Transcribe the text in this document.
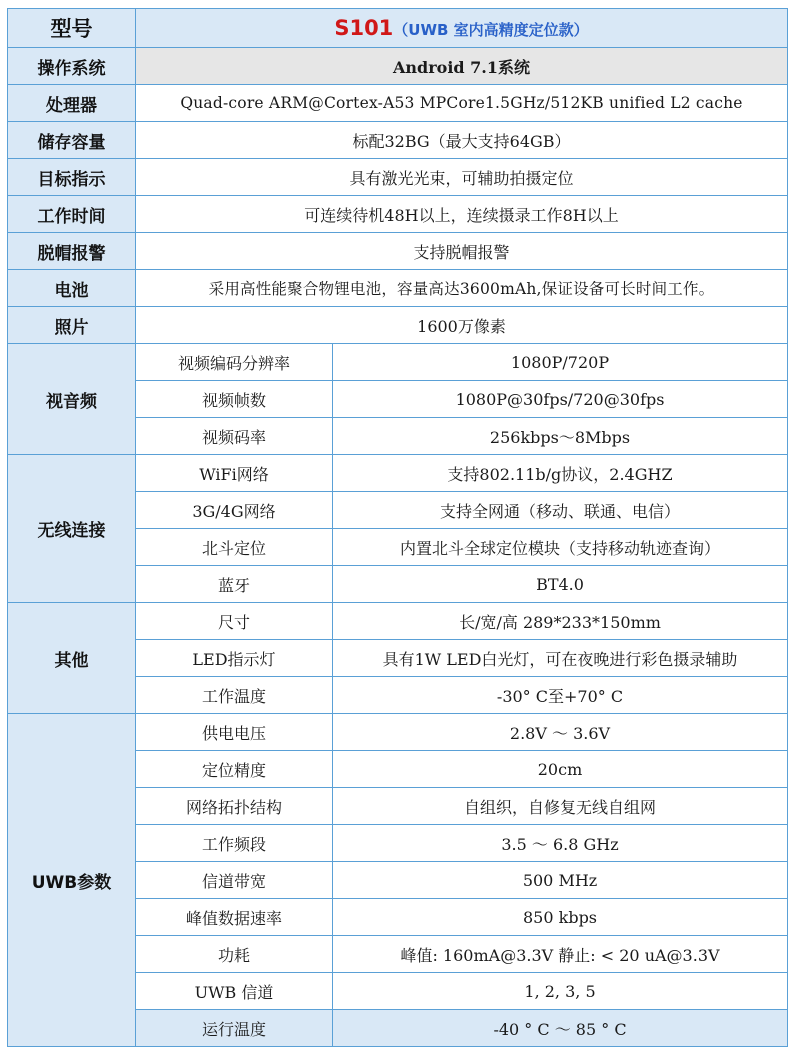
型号	S101（UWB 室内高精度定位款）	
操作系统	Android 7.1系统	
处理器	Quad-core ARM@Cortex-A53 MPCore1.5GHz/512KB unified L2 cache	
储存容量	标配32BG（最大支持64GB）	
目标指示	具有激光光束，可辅助拍摄定位	
工作时间	可连续待机48H以上，连续摄录工作8H以上	
脱帽报警	支持脱帽报警	
电池	采用高性能聚合物锂电池，容量高达3600mAh,保证设备可长时间工作。	
照片	1600万像素	
视音频	视频编码分辨率	1080P/720P
	视频帧数	1080P@30fps/720@30fps
	视频码率	256kbps～8Mbps
无线连接	WiFi网络	支持802.11b/g协议，2.4GHZ
	3G/4G网络	支持全网通（移动、联通、电信）
	北斗定位	内置北斗全球定位模块（支持移动轨迹查询）
	蓝牙	BT4.0
其他	尺寸	长/宽/高 289*233*150mm
	LED指示灯	具有1W LED白光灯，可在夜晚进行彩色摄录辅助
	工作温度	-30° C至+70° C
UWB参数	供电电压	2.8V ～ 3.6V
	定位精度	20cm
	网络拓扑结构	自组织，自修复无线自组网
	工作频段	3.5 ～ 6.8 GHz
	信道带宽	500 MHz
	峰值数据速率	850 kbps
	功耗	峰值: 160mA@3.3V 静止: < 20 uA@3.3V
	UWB 信道	1, 2, 3, 5
	运行温度	-40 ° C ～ 85 ° C
